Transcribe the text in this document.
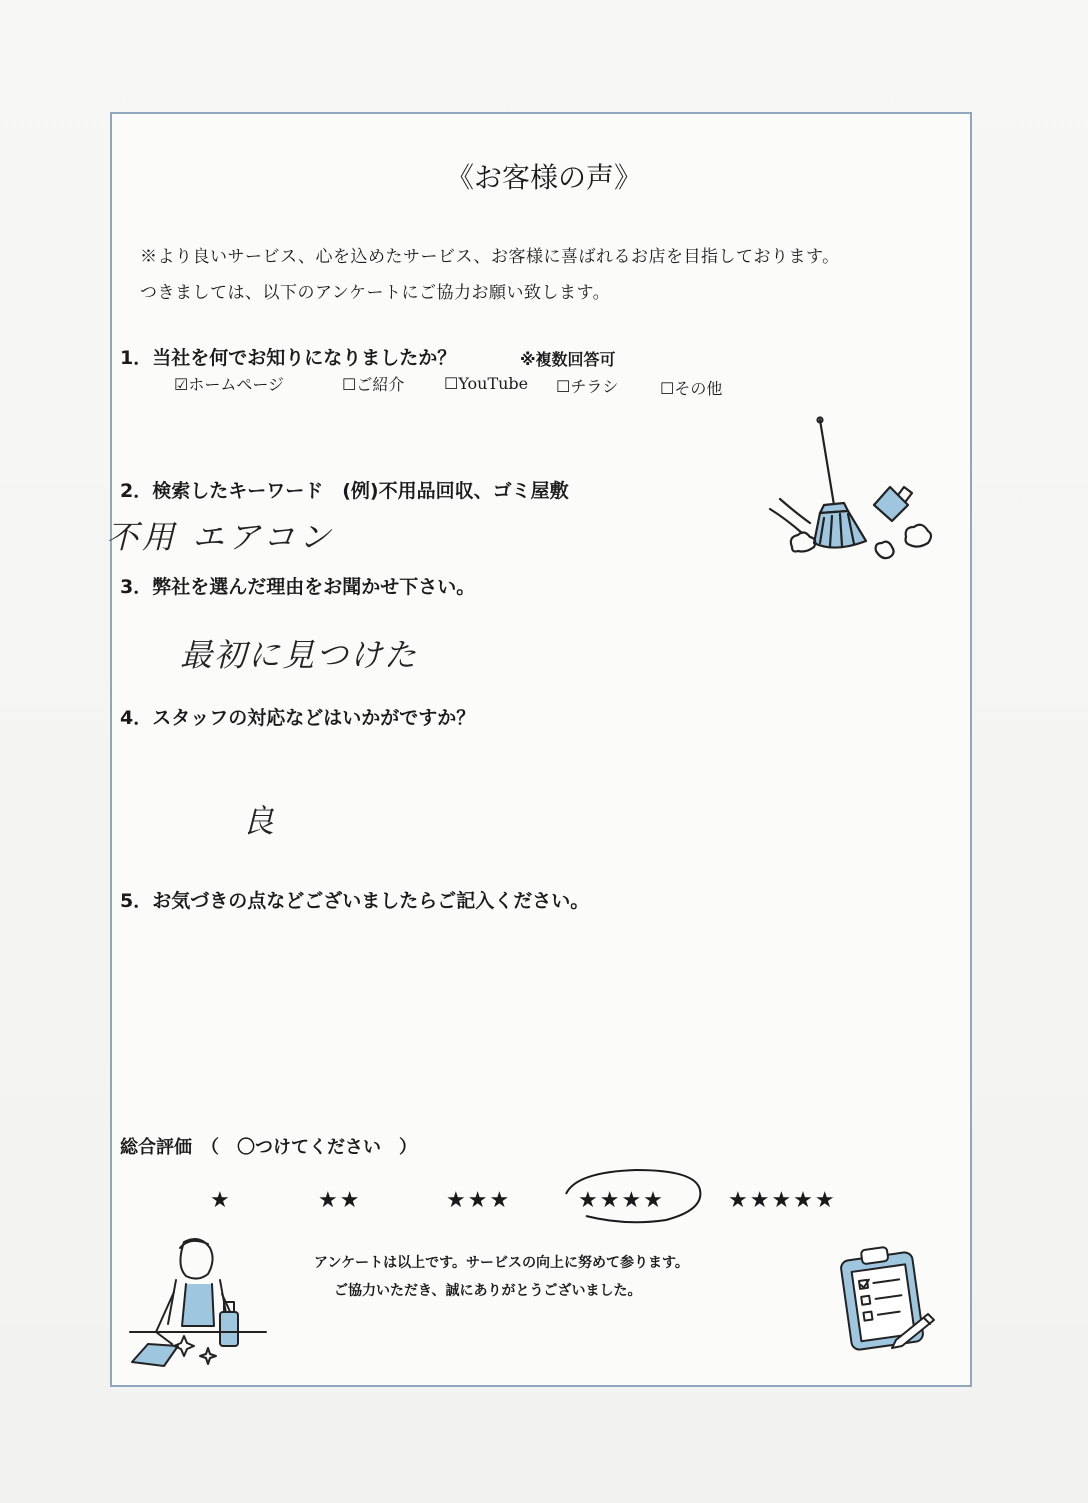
《お客様の声》
※より良いサービス、心を込めたサービス、お客様に喜ばれるお店を目指しております。
つきましては、以下のアンケートにご協力お願い致します。
1．当社を何でお知りになりましたか？	※複数回答可
☑ホームページ	☐ご紹介 ☐YouTube ☐チラシ	☐その他
2．検索したキーワード　(例)不用品回収、ゴミ屋敷
不用 エアコン
3．弊社を選んだ理由をお聞かせ下さい。
最初に見つけた
4．スタッフの対応などはいかがですか？
良
5．お気づきの点などございましたらご記入ください。
総合評価　（　〇つけてください　）
★	★★	★★★	★★★★	★★★★★
アンケートは以上です。サービスの向上に努めて参ります。
ご協力いただき、誠にありがとうございました。
